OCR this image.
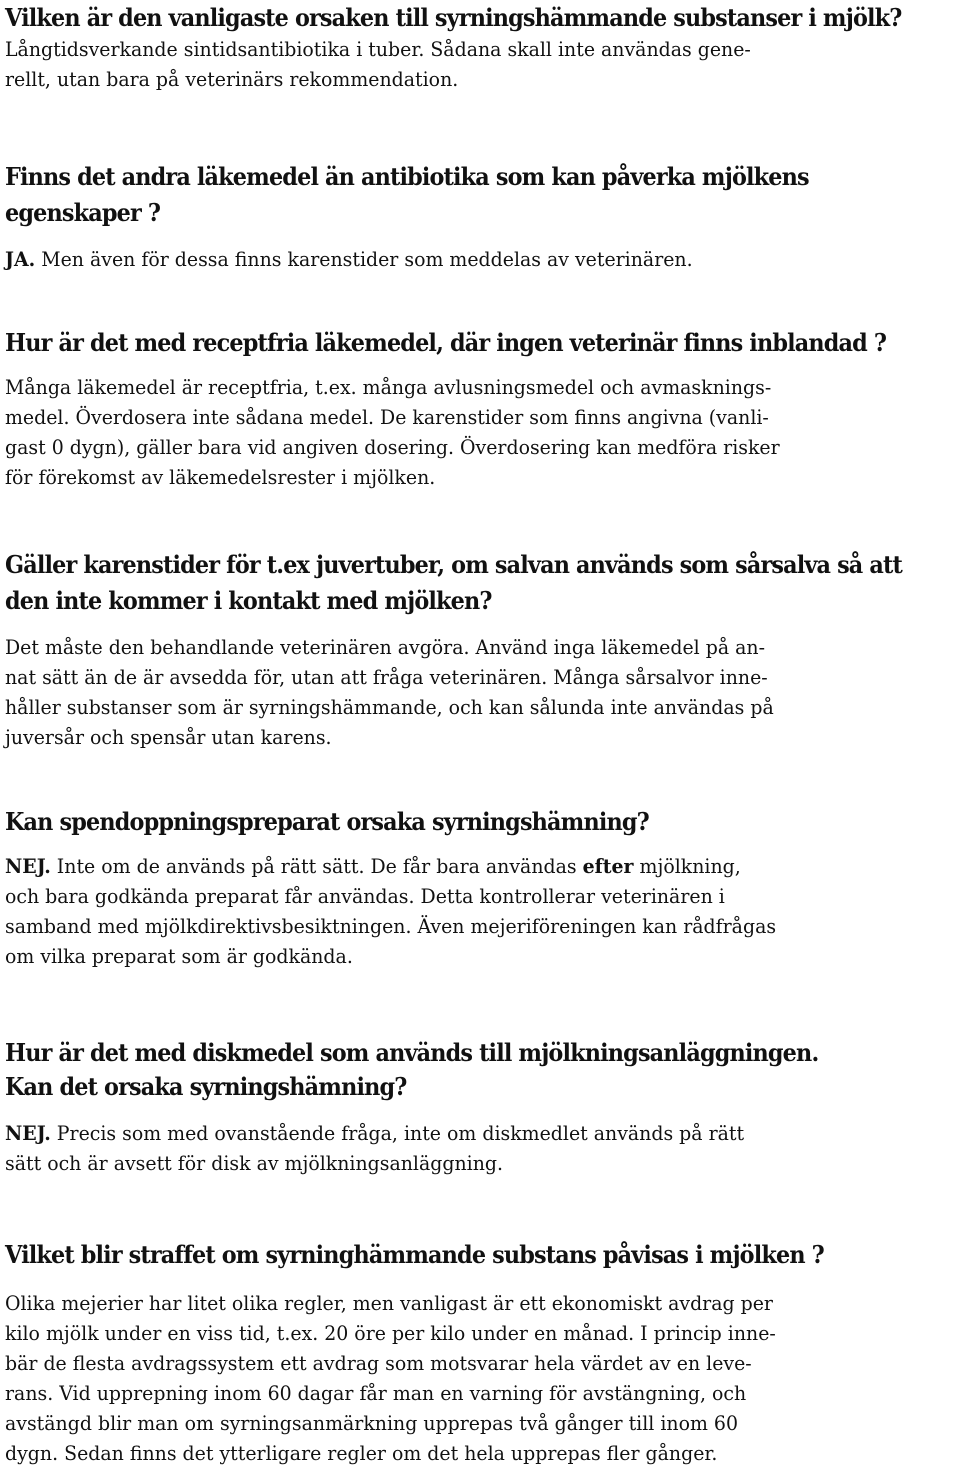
Vilken är den vanligaste orsaken till syrningshämmande substanser i mjölk?
Långtidsverkande sintidsantibiotika i tuber. Sådana skall inte användas gene-
rellt, utan bara på veterinärs rekommendation.
Finns det andra läkemedel än antibiotika som kan påverka mjölkens
egenskaper ?
JA. Men även för dessa finns karenstider som meddelas av veterinären.
Hur är det med receptfria läkemedel, där ingen veterinär finns inblandad ?
Många läkemedel är receptfria, t.ex. många avlusningsmedel och avmasknings-
medel. Överdosera inte sådana medel. De karenstider som finns angivna (vanli-
gast 0 dygn), gäller bara vid angiven dosering. Överdosering kan medföra risker
för förekomst av läkemedelsrester i mjölken.
Gäller karenstider för t.ex juvertuber, om salvan används som sårsalva så att
den inte kommer i kontakt med mjölken?
Det måste den behandlande veterinären avgöra. Använd inga läkemedel på an-
nat sätt än de är avsedda för, utan att fråga veterinären. Många sårsalvor inne-
håller substanser som är syrningshämmande, och kan sålunda inte användas på
juversår och spensår utan karens.
Kan spendoppningspreparat orsaka syrningshämning?
NEJ. Inte om de används på rätt sätt. De får bara användas efter mjölkning,
och bara godkända preparat får användas. Detta kontrollerar veterinären i
samband med mjölkdirektivsbesiktningen. Även mejeriföreningen kan rådfrågas
om vilka preparat som är godkända.
Hur är det med diskmedel som används till mjölkningsanläggningen.
Kan det orsaka syrningshämning?
NEJ. Precis som med ovanstående fråga, inte om diskmedlet används på rätt
sätt och är avsett för disk av mjölkningsanläggning.
Vilket blir straffet om syrninghämmande substans påvisas i mjölken ?
Olika mejerier har litet olika regler, men vanligast är ett ekonomiskt avdrag per
kilo mjölk under en viss tid, t.ex. 20 öre per kilo under en månad. I princip inne-
bär de flesta avdragssystem ett avdrag som motsvarar hela värdet av en leve-
rans. Vid upprepning inom 60 dagar får man en varning för avstängning, och
avstängd blir man om syrningsanmärkning upprepas två gånger till inom 60
dygn. Sedan finns det ytterligare regler om det hela upprepas fler gånger.
